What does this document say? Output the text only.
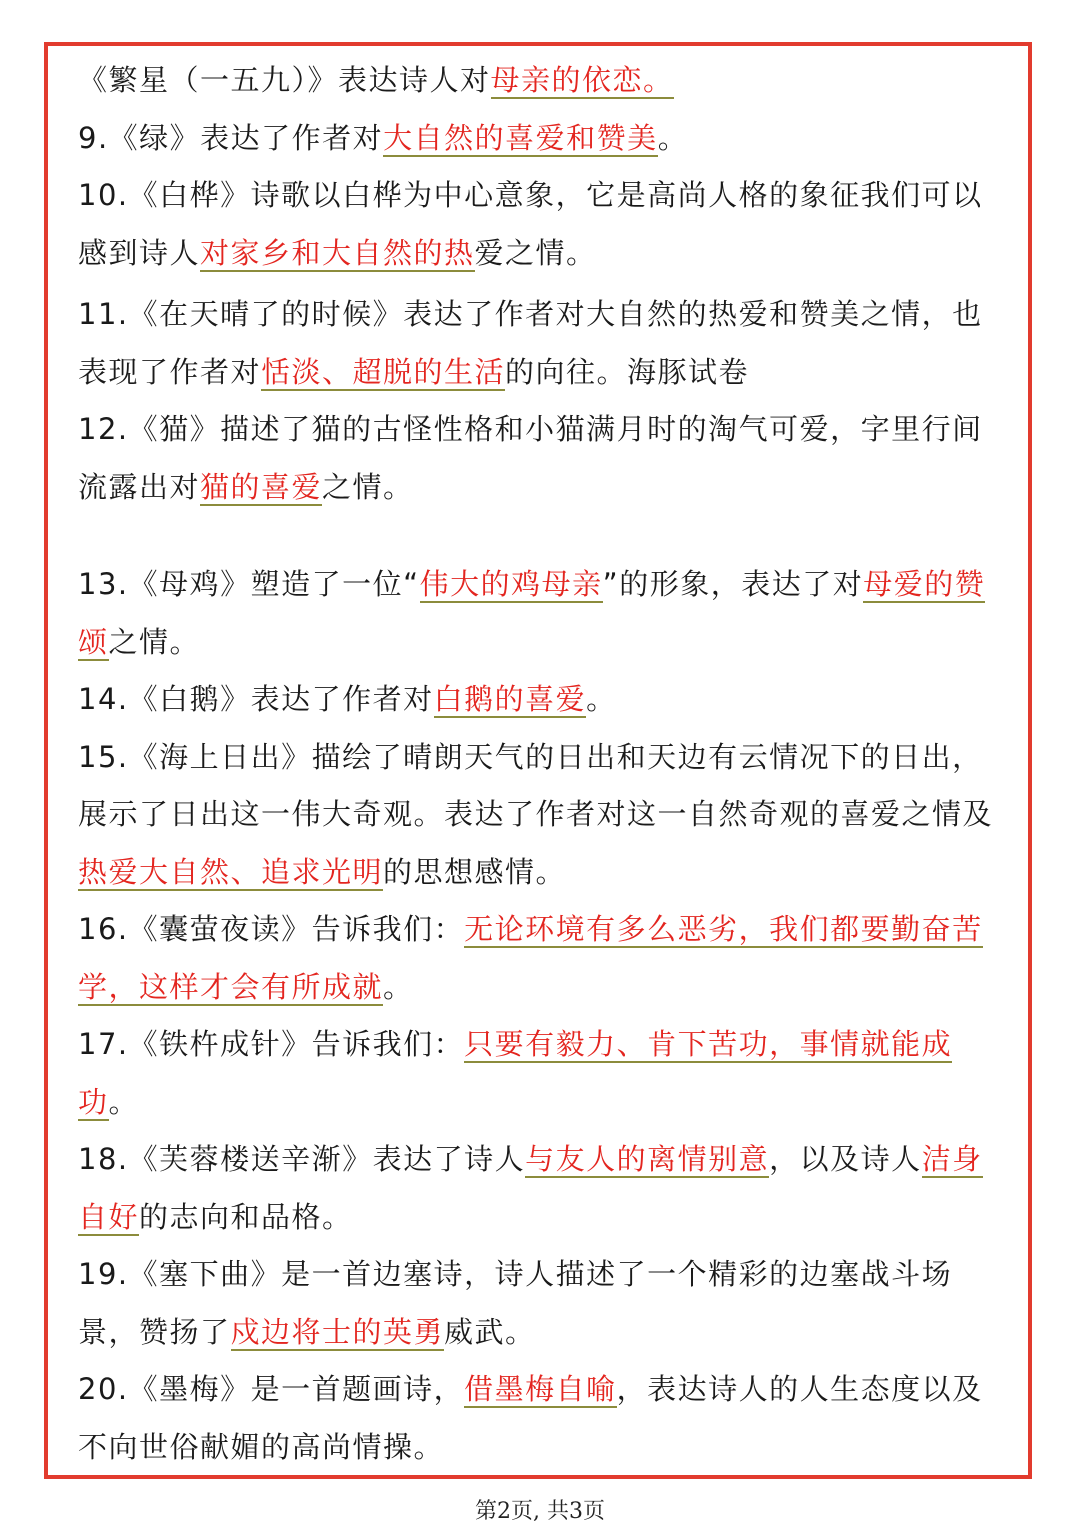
《繁星（一五九）》表达诗人对母亲的依恋。

9.《绿》表达了作者对大自然的喜爱和赞美。

10.《白桦》诗歌以白桦为中心意象，它是高尚人格的象征我们可以感到诗人对家乡和大自然的热爱之情。

11.《在天晴了的时候》表达了作者对大自然的热爱和赞美之情，也表现了作者对恬淡、超脱的生活的向往。海豚试卷

12.《猫》描述了猫的古怪性格和小猫满月时的淘气可爱，字里行间流露出对猫的喜爱之情。

13.《母鸡》塑造了一位“伟大的鸡母亲”的形象，表达了对母爱的赞颂之情。

14.《白鹅》表达了作者对白鹅的喜爱。

15.《海上日出》描绘了晴朗天气的日出和天边有云情况下的日出，展示了日出这一伟大奇观。表达了作者对这一自然奇观的喜爱之情及热爱大自然、追求光明的思想感情。

16.《囊萤夜读》告诉我们：无论环境有多么恶劣，我们都要勤奋苦学，这样才会有所成就。

17.《铁杵成针》告诉我们：只要有毅力、肯下苦功，事情就能成功。

18.《芙蓉楼送辛渐》表达了诗人与友人的离情别意，以及诗人洁身自好的志向和品格。

19.《塞下曲》是一首边塞诗，诗人描述了一个精彩的边塞战斗场景，赞扬了戍边将士的英勇威武。

20.《墨梅》是一首题画诗，借墨梅自喻，表达诗人的人生态度以及不向世俗献媚的高尚情操。

第2页, 共3页
